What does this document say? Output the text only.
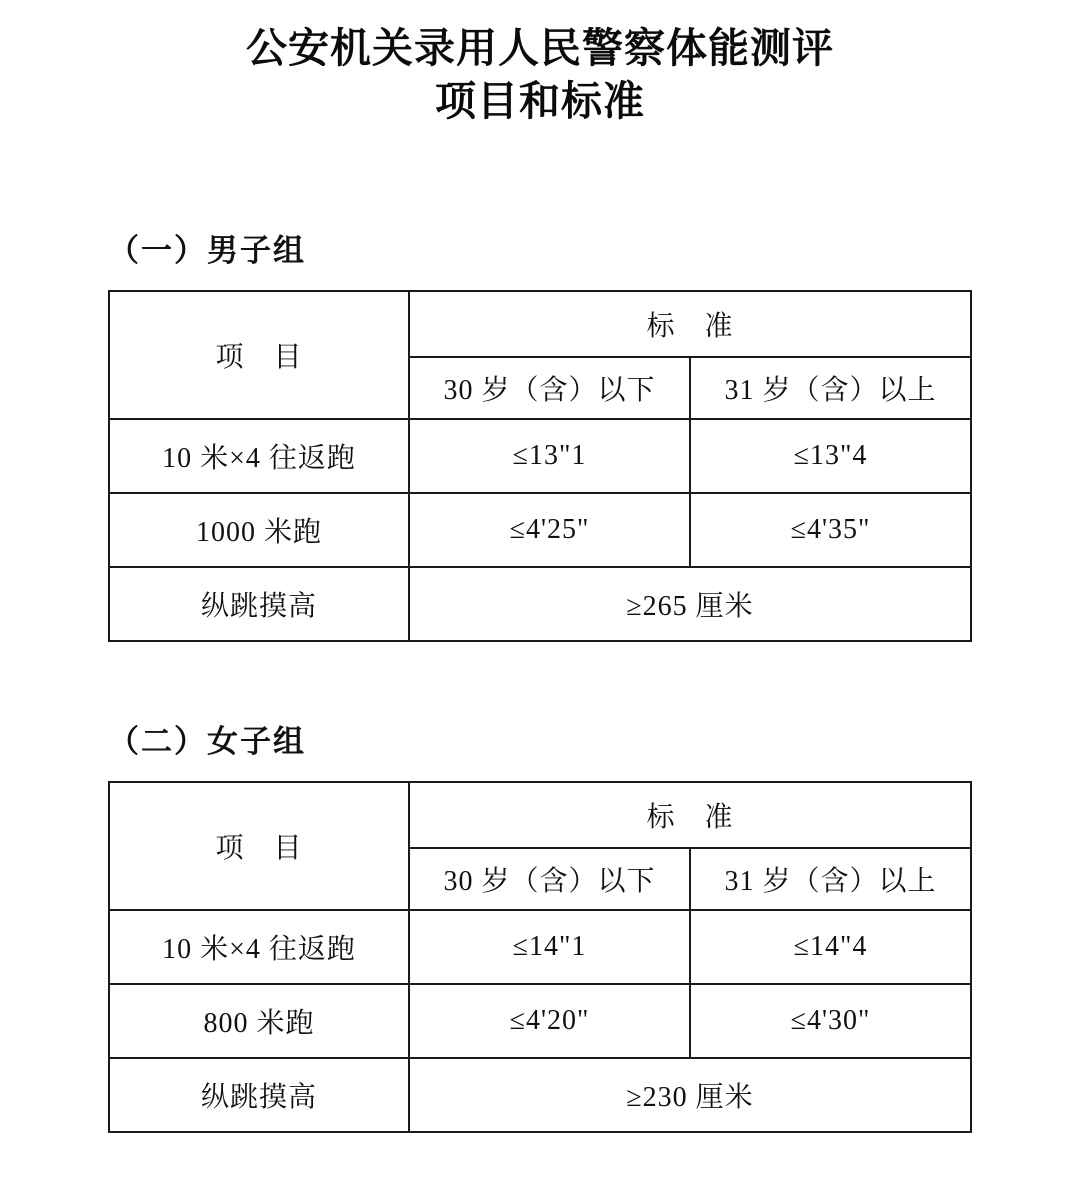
公安机关录用人民警察体能测评
项目和标准
（一）男子组
项　目	标　准	
	30 岁（含）以下	31 岁（含）以上
10 米×4 往返跑	≤13"1	≤13"4
1000 米跑	≤4'25"	≤4'35"
纵跳摸高	≥265 厘米	
（二）女子组
项　目	标　准	
	30 岁（含）以下	31 岁（含）以上
10 米×4 往返跑	≤14"1	≤14"4
800 米跑	≤4'20"	≤4'30"
纵跳摸高	≥230 厘米	
